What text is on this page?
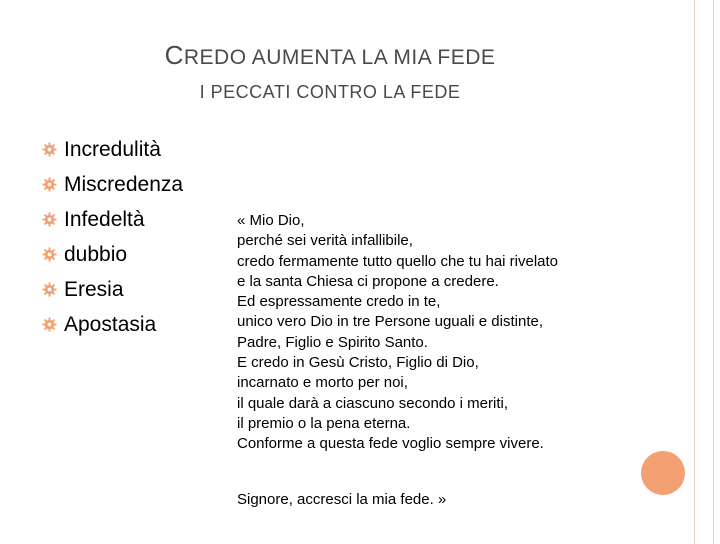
CREDO AUMENTA LA MIA FEDE
I PECCATI CONTRO LA FEDE
Incredulità
Miscredenza
Infedeltà
dubbio
Eresia
Apostasia
« Mio Dio,
perché sei verità infallibile,
credo fermamente tutto quello che tu hai rivelato
e la santa Chiesa ci propone a credere.
Ed espressamente credo in te,
unico vero Dio in tre Persone uguali e distinte,
Padre, Figlio e Spirito Santo.
E credo in Gesù Cristo, Figlio di Dio,
incarnato e morto per noi,
il quale darà a ciascuno secondo i meriti,
il premio o la pena eterna.
Conforme a questa fede voglio sempre vivere.
Signore, accresci la mia fede. »
